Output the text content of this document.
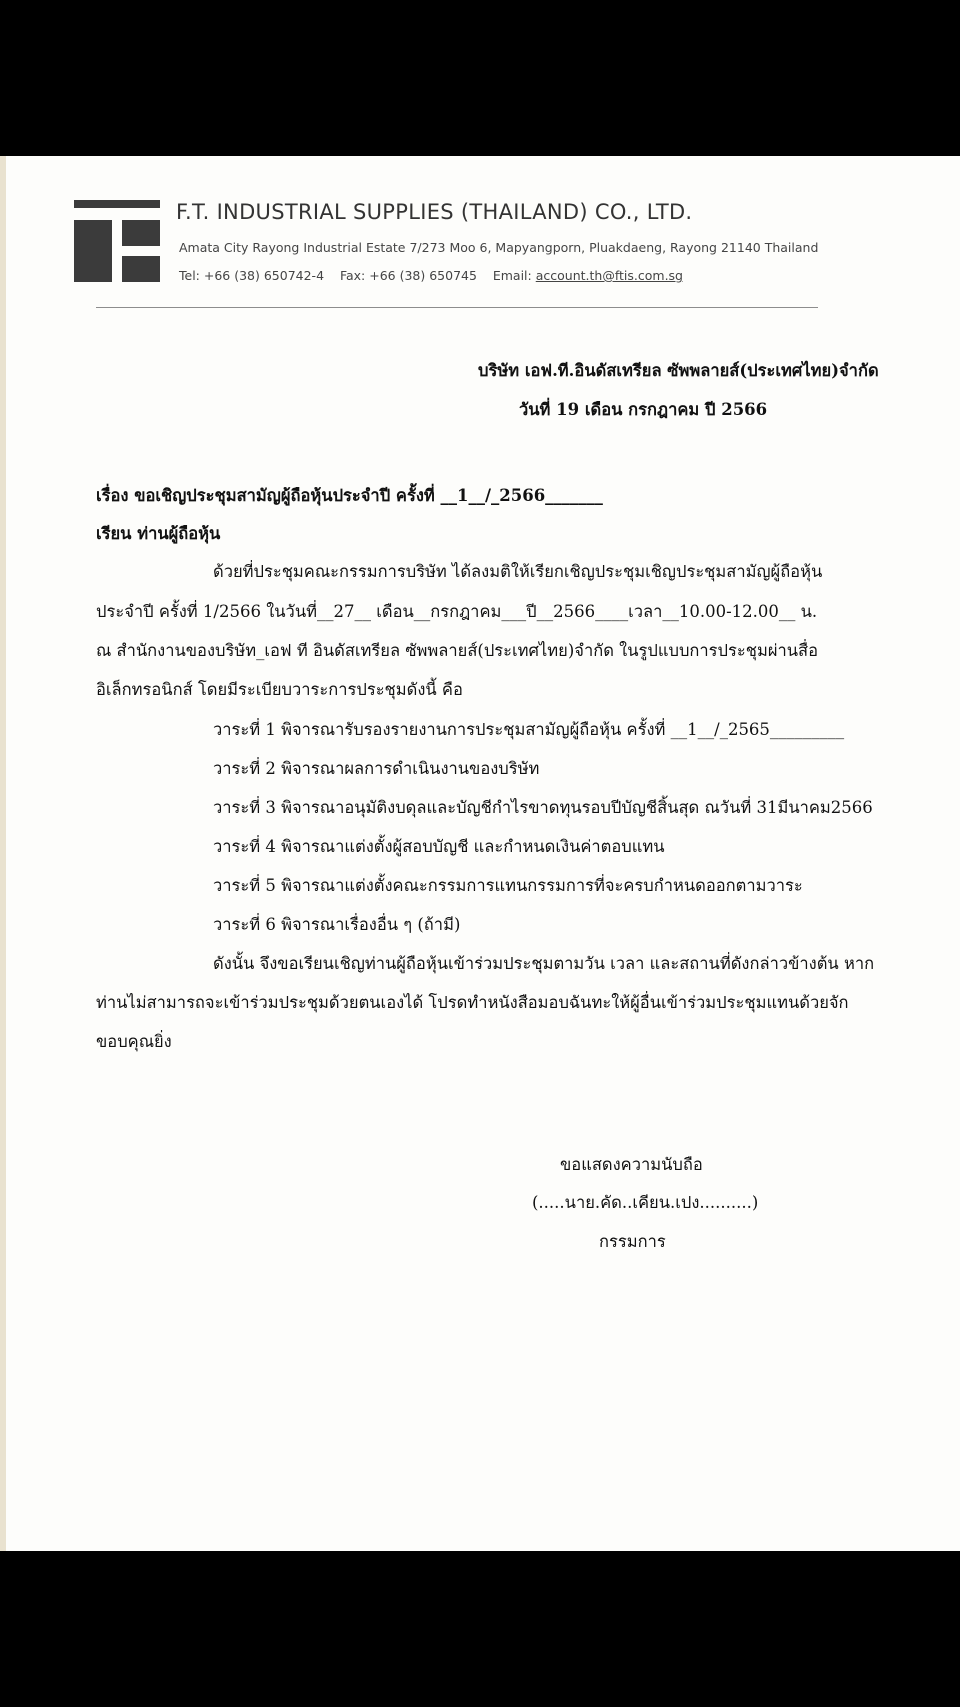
F.T. INDUSTRIAL SUPPLIES (THAILAND) CO., LTD.
Amata City Rayong Industrial Estate 7/273 Moo 6, Mapyangporn, Pluakdaeng, Rayong 21140 Thailand
Tel: +66 (38) 650742-4 Fax: +66 (38) 650745 Email: account.th@ftis.com.sg
บริษัท เอฟ.ที.อินดัสเทรียล ซัพพลายส์(ประเทศไทย)จำกัด
วันที่ 19 เดือน กรกฎาคม ปี 2566
เรื่อง ขอเชิญประชุมสามัญผู้ถือหุ้นประจำปี ครั้งที่ __1__/_2566_______
เรียน ท่านผู้ถือหุ้น
ด้วยที่ประชุมคณะกรรมการบริษัท ได้ลงมติให้เรียกเชิญประชุมเชิญประชุมสามัญผู้ถือหุ้น
ประจำปี ครั้งที่ 1/2566 ในวันที่__27__ เดือน__กรกฎาคม___ปี__2566____เวลา__10.00-12.00__ น.
ณ สำนักงานของบริษัท_เอฟ ที อินดัสเทรียล ซัพพลายส์(ประเทศไทย)จำกัด ในรูปแบบการประชุมผ่านสื่อ
อิเล็กทรอนิกส์ โดยมีระเบียบวาระการประชุมดังนี้ คือ
วาระที่ 1 พิจารณารับรองรายงานการประชุมสามัญผู้ถือหุ้น ครั้งที่ __1__/_2565_________
วาระที่ 2 พิจารณาผลการดำเนินงานของบริษัท
วาระที่ 3 พิจารณาอนุมัติงบดุลและบัญชีกำไรขาดทุนรอบปีบัญชีสิ้นสุด ณวันที่ 31มีนาคม2566
วาระที่ 4 พิจารณาแต่งตั้งผู้สอบบัญชี และกำหนดเงินค่าตอบแทน
วาระที่ 5 พิจารณาแต่งตั้งคณะกรรมการแทนกรรมการที่จะครบกำหนดออกตามวาระ
วาระที่ 6 พิจารณาเรื่องอื่น ๆ (ถ้ามี)
ดังนั้น จึงขอเรียนเชิญท่านผู้ถือหุ้นเข้าร่วมประชุมตามวัน เวลา และสถานที่ดังกล่าวข้างต้น หาก
ท่านไม่สามารถจะเข้าร่วมประชุมด้วยตนเองได้ โปรดทำหนังสือมอบฉันทะให้ผู้อื่นเข้าร่วมประชุมแทนด้วยจัก
ขอบคุณยิ่ง
ขอแสดงความนับถือ
(.....นาย.คัด..เคียน.เปง..........)
กรรมการ
